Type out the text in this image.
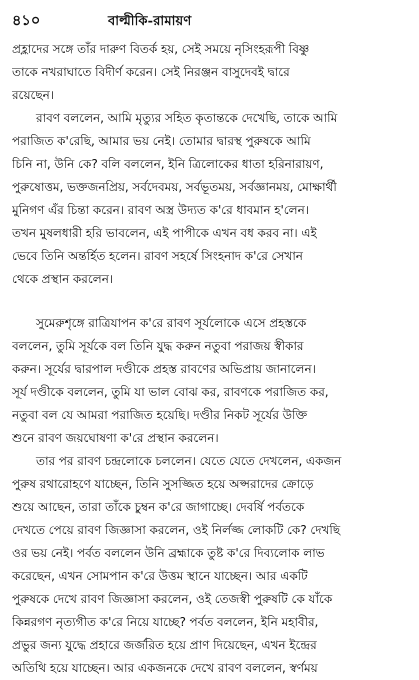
৪১০	বাল্মীকি-রামায়ণ
প্রহ্লাদের সঙ্গে তাঁর দারুণ বিতর্ক হয়, সেই সময়ে নৃসিংহরূপী বিষ্ণু
তাকে নখরাঘাতে বিদীর্ণ করেন। সেই নিরঞ্জন বাসুদেবই দ্বারে
রয়েছেন।
রাবণ বললেন, আমি মৃত্যুর সহিত কৃতান্তকে দেখেছি, তাকে আমি
পরাজিত ক'রেছি, আমার ভয় নেই। তোমার দ্বারস্থ পুরুষকে আমি
চিনি না, উনি কে? বলি বললেন, ইনি ত্রিলোকের ধাতা হরিনারায়ণ,
পুরুষোত্তম, ভক্তজনপ্রিয়, সর্বদেবময়, সর্বভূতময়, সর্বজ্ঞানময়, মোক্ষার্থী
মুনিগণ এঁর চিন্তা করেন। রাবণ অস্ত্র উদ্যত ক'রে ধাবমান হ'লেন।
তখন মুষলধারী হরি ভাবলেন, এই পাপীকে এখন বধ করব না। এই
ভেবে তিনি অন্তর্হিত হলেন। রাবণ সহর্ষে সিংহনাদ ক'রে সেখান
থেকে প্রস্থান করলেন।
সুমেরুশৃঙ্গে রাত্রিযাপন ক'রে রাবণ সূর্যলোকে এসে প্রহস্তকে
বললেন, তুমি সূর্যকে বল তিনি যুদ্ধ করুন নতুবা পরাজয় স্বীকার
করুন। সূর্যের দ্বারপাল দণ্ডীকে প্রহস্ত রাবণের অভিপ্রায় জানালেন।
সূর্য দণ্ডীকে বললেন, তুমি যা ভাল বোঝ কর, রাবণকে পরাজিত কর,
নতুবা বল যে আমরা পরাজিত হয়েছি। দণ্ডীর নিকট সূর্যের উক্তি
শুনে রাবণ জয়ঘোষণা ক'রে প্রস্থান করলেন।
তার পর রাবণ চন্দ্রলোকে চললেন। যেতে যেতে দেখলেন, একজন
পুরুষ রথারোহণে যাচ্ছেন, তিনি সুসজ্জিত হয়ে অপ্সরাদের ক্রোড়ে
শুয়ে আছেন, তারা তাঁকে চুম্বন ক'রে জাগাচ্ছে। দেবর্ষি পর্বতকে
দেখতে পেয়ে রাবণ জিজ্ঞাসা করলেন, ওই নির্লজ্জ লোকটি কে? দেখছি
ওর ভয় নেই। পর্বত বললেন উনি ব্রহ্মাকে তুষ্ট ক'রে দিব্যলোক লাভ
করেছেন, এখন সোমপান ক'রে উত্তম স্থানে যাচ্ছেন। আর একটি
পুরুষকে দেখে রাবণ জিজ্ঞাসা করলেন, ওই তেজস্বী পুরুষটি কে যাঁকে
কিন্নরগণ নৃত্যগীত ক'রে নিয়ে যাচ্ছে? পর্বত বললেন, ইনি মহাবীর,
প্রভুর জন্য যুদ্ধে প্রহারে জর্জরিত হয়ে প্রাণ দিয়েছেন, এখন ইন্দ্রের
অতিথি হয়ে যাচ্ছেন। আর একজনকে দেখে রাবণ বললেন, স্বর্ণময়
